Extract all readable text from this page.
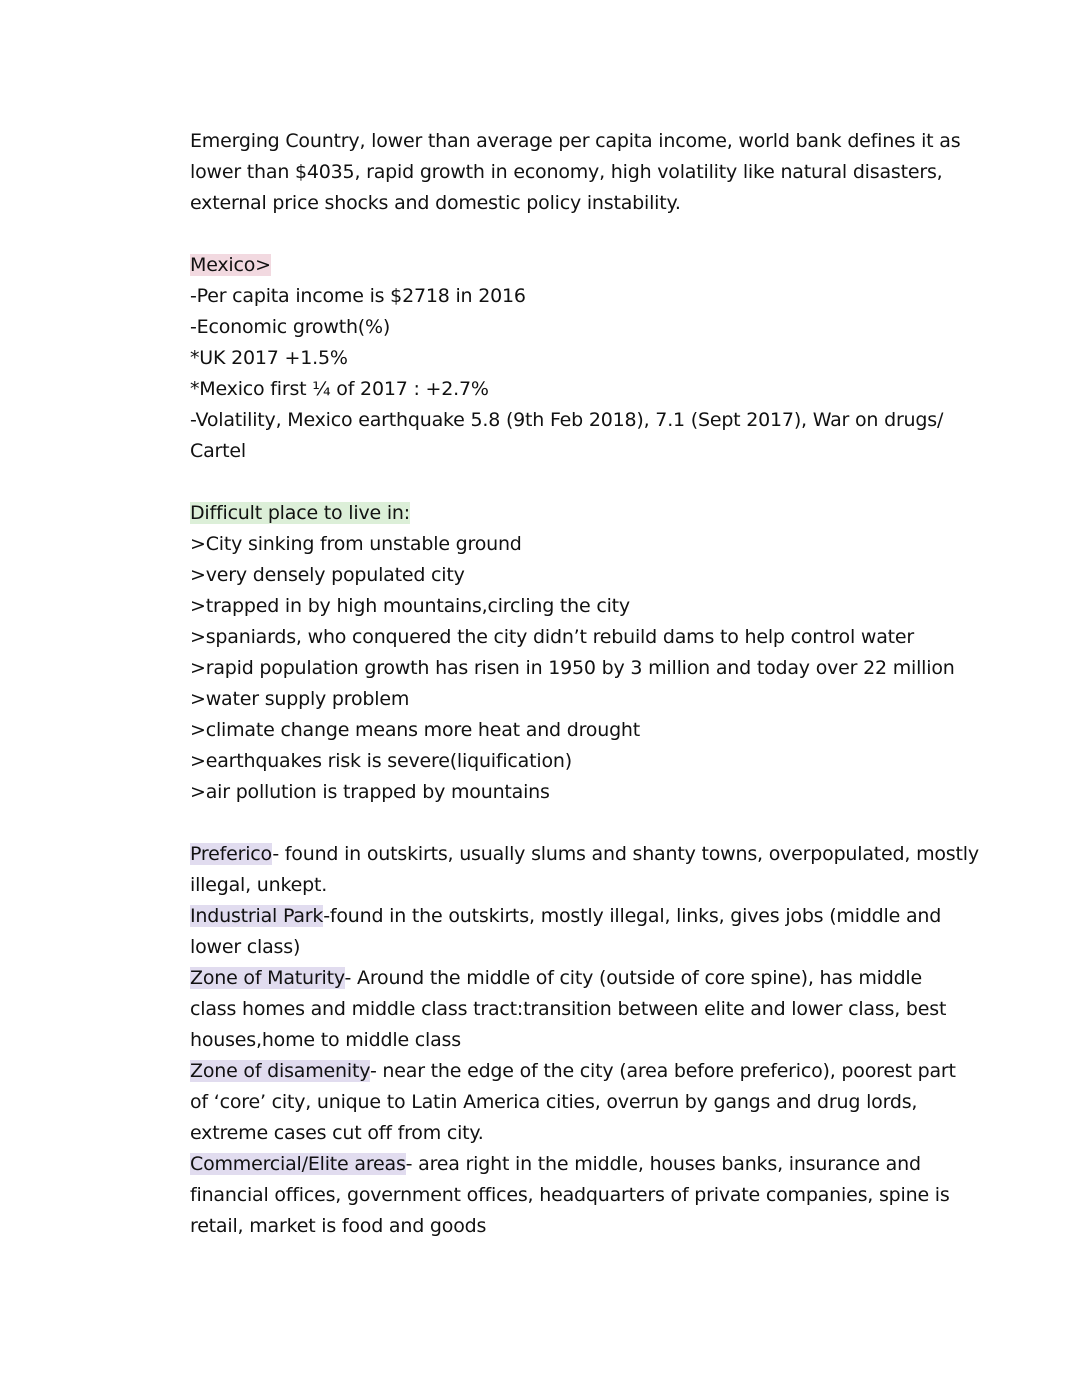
Emerging Country, lower than average per capita income, world bank defines it as
lower than $4035, rapid growth in economy, high volatility like natural disasters,
external price shocks and domestic policy instability.
Mexico>
-Per capita income is $2718 in 2016
-Economic growth(%)
*UK 2017 +1.5%
*Mexico first ¼ of 2017 : +2.7%
-Volatility, Mexico earthquake 5.8 (9th Feb 2018), 7.1 (Sept 2017), War on drugs/
Cartel
Difficult place to live in:
>City sinking from unstable ground
>very densely populated city
>trapped in by high mountains,circling the city
>spaniards, who conquered the city didn’t rebuild dams to help control water
>rapid population growth has risen in 1950 by 3 million and today over 22 million
>water supply problem
>climate change means more heat and drought
>earthquakes risk is severe(liquification)
>air pollution is trapped by mountains
Preferico- found in outskirts, usually slums and shanty towns, overpopulated, mostly
illegal, unkept.
Industrial Park-found in the outskirts, mostly illegal, links, gives jobs (middle and
lower class)
Zone of Maturity- Around the middle of city (outside of core spine), has middle
class homes and middle class tract:transition between elite and lower class, best
houses,home to middle class
Zone of disamenity- near the edge of the city (area before preferico), poorest part
of ‘core’ city, unique to Latin America cities, overrun by gangs and drug lords,
extreme cases cut off from city.
Commercial/Elite areas- area right in the middle, houses banks, insurance and
financial offices, government offices, headquarters of private companies, spine is
retail, market is food and goods
